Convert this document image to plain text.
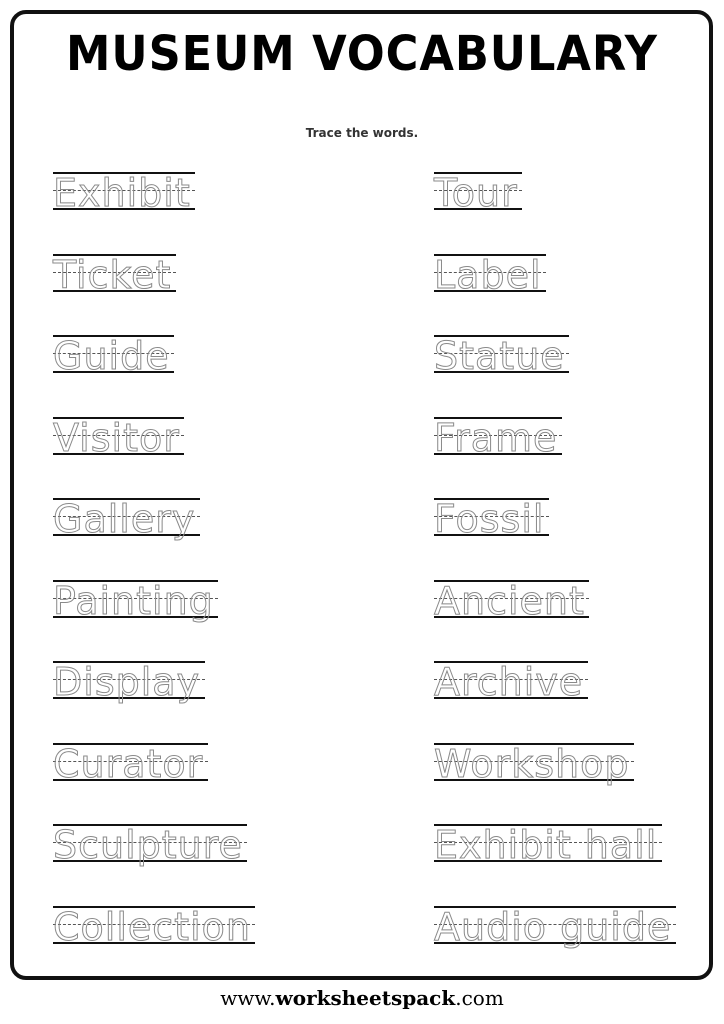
MUSEUM VOCABULARY
Trace the words.
Exhibit
Ticket
Guide
Visitor
Gallery
Painting
Display
Curator
Sculpture
Collection
Tour
Label
Statue
Frame
Fossil
Ancient
Archive
Workshop
Exhibit hall
Audio guide
www.worksheetspack.com
